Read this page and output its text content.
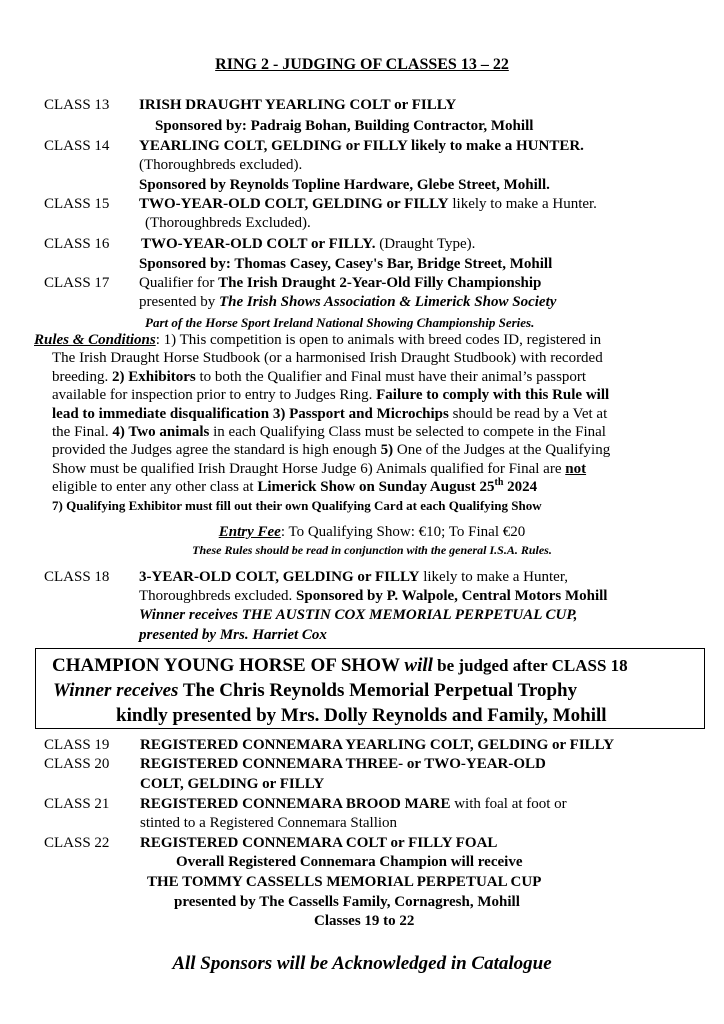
RING 2 - JUDGING OF CLASSES 13 – 22
CLASS 13 IRISH DRAUGHT YEARLING COLT or FILLY
Sponsored by: Padraig Bohan, Building Contractor, Mohill
CLASS 14 YEARLING COLT, GELDING or FILLY likely to make a HUNTER.
(Thoroughbreds excluded).
Sponsored by Reynolds Topline Hardware, Glebe Street, Mohill.
CLASS 15 TWO-YEAR-OLD COLT, GELDING or FILLY likely to make a Hunter.
(Thoroughbreds Excluded).
CLASS 16 TWO-YEAR-OLD COLT or FILLY. (Draught Type).
Sponsored by: Thomas Casey, Casey's Bar, Bridge Street, Mohill
CLASS 17 Qualifier for The Irish Draught 2-Year-Old Filly Championship
presented by The Irish Shows Association & Limerick Show Society
Part of the Horse Sport Ireland National Showing Championship Series.

Rules & Conditions: 1) This competition is open to animals with breed codes ID, registered in

The Irish Draught Horse Studbook (or a harmonised Irish Draught Studbook) with recorded

breeding. 2) Exhibitors to both the Qualifier and Final must have their animal’s passport

available for inspection prior to entry to Judges Ring. Failure to comply with this Rule will

lead to immediate disqualification 3) Passport and Microchips should be read by a Vet at

the Final. 4) Two animals in each Qualifying Class must be selected to compete in the Final

provided the Judges agree the standard is high enough 5) One of the Judges at the Qualifying

Show must be qualified Irish Draught Horse Judge 6) Animals qualified for Final are not

eligible to enter any other class at Limerick Show on Sunday August 25th 2024

7) Qualifying Exhibitor must fill out their own Qualifying Card at each Qualifying Show

Entry Fee: To Qualifying Show: €10; To Final €20
These Rules should be read in conjunction with the general I.S.A. Rules.
CLASS 18 3-YEAR-OLD COLT, GELDING or FILLY likely to make a Hunter,
Thoroughbreds excluded. Sponsored by P. Walpole, Central Motors Mohill
Winner receives THE AUSTIN COX MEMORIAL PERPETUAL CUP,
presented by Mrs. Harriet Cox
CHAMPION YOUNG HORSE OF SHOW will be judged after CLASS 18
Winner receives The Chris Reynolds Memorial Perpetual Trophy
kindly presented by Mrs. Dolly Reynolds and Family, Mohill
CLASS 19 REGISTERED CONNEMARA YEARLING COLT, GELDING or FILLY
CLASS 20 REGISTERED CONNEMARA THREE- or TWO-YEAR-OLD
COLT, GELDING or FILLY
CLASS 21 REGISTERED CONNEMARA BROOD MARE with foal at foot or
stinted to a Registered Connemara Stallion
CLASS 22 REGISTERED CONNEMARA COLT or FILLY FOAL
Overall Registered Connemara Champion will receive
THE TOMMY CASSELLS MEMORIAL PERPETUAL CUP
presented by The Cassells Family, Cornagresh, Mohill
Classes 19 to 22
All Sponsors will be Acknowledged in Catalogue
